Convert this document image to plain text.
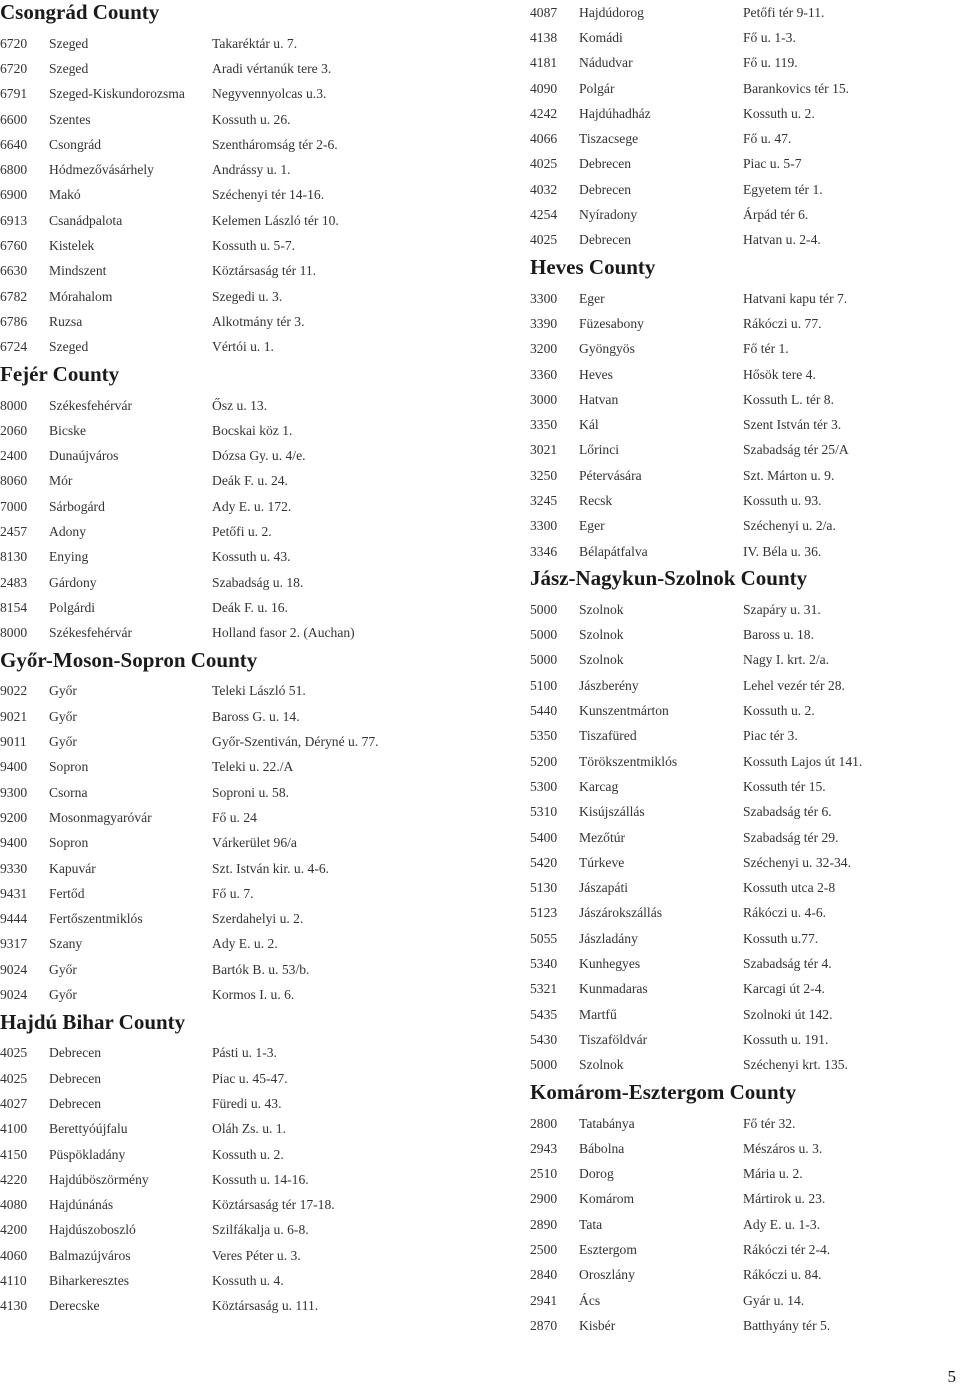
Csongrád County
6720	Szeged	Takaréktár u. 7.
6720	Szeged	Aradi vértanúk tere 3.
6791	Szeged-Kiskundorozsma	Negyvennyolcas u.3.
6600	Szentes	Kossuth u. 26.
6640	Csongrád	Szentháromság tér 2-6.
6800	Hódmezővásárhely	Andrássy u. 1.
6900	Makó	Széchenyi tér 14-16.
6913	Csanádpalota	Kelemen László tér 10.
6760	Kistelek	Kossuth u. 5-7.
6630	Mindszent	Köztársaság tér 11.
6782	Mórahalom	Szegedi u. 3.
6786	Ruzsa	Alkotmány tér 3.
6724	Szeged	Vértói u. 1.
Fejér County
8000	Székesfehérvár	Ősz u. 13.
2060	Bicske	Bocskai köz 1.
2400	Dunaújváros	Dózsa Gy. u. 4/e.
8060	Mór	Deák F. u. 24.
7000	Sárbogárd	Ady E. u. 172.
2457	Adony	Petőfi u. 2.
8130	Enying	Kossuth u. 43.
2483	Gárdony	Szabadság u. 18.
8154	Polgárdi	Deák F. u. 16.
8000	Székesfehérvár	Holland fasor 2. (Auchan)
Győr-Moson-Sopron County
9022	Győr	Teleki László 51.
9021	Győr	Baross G. u. 14.
9011	Győr	Győr-Szentiván, Déryné u. 77.
9400	Sopron	Teleki u. 22./A
9300	Csorna	Soproni u. 58.
9200	Mosonmagyaróvár	Fő u. 24
9400	Sopron	Várkerület 96/a
9330	Kapuvár	Szt. István kir. u. 4-6.
9431	Fertőd	Fő u. 7.
9444	Fertőszentmiklós	Szerdahelyi u. 2.
9317	Szany	Ady E. u. 2.
9024	Győr	Bartók B. u. 53/b.
9024	Győr	Kormos I. u. 6.
Hajdú Bihar County
4025	Debrecen	Pásti u. 1-3.
4025	Debrecen	Piac u. 45-47.
4027	Debrecen	Füredi u. 43.
4100	Berettyóújfalu	Oláh Zs. u. 1.
4150	Püspökladány	Kossuth u. 2.
4220	Hajdúböszörmény	Kossuth u. 14-16.
4080	Hajdúnánás	Köztársaság tér 17-18.
4200	Hajdúszoboszló	Szilfákalja u. 6-8.
4060	Balmazújváros	Veres Péter u. 3.
4110	Biharkeresztes	Kossuth u. 4.
4130	Derecske	Köztársaság u. 111.
4087	Hajdúdorog	Petőfi tér 9-11.
4138	Komádi	Fő u. 1-3.
4181	Nádudvar	Fő u. 119.
4090	Polgár	Barankovics tér 15.
4242	Hajdúhadház	Kossuth u. 2.
4066	Tiszacsege	Fő u. 47.
4025	Debrecen	Piac u. 5-7
4032	Debrecen	Egyetem tér 1.
4254	Nyíradony	Árpád tér 6.
4025	Debrecen	Hatvan u. 2-4.
Heves County
3300	Eger	Hatvani kapu tér 7.
3390	Füzesabony	Rákóczi u. 77.
3200	Gyöngyös	Fő tér 1.
3360	Heves	Hősök tere 4.
3000	Hatvan	Kossuth L. tér 8.
3350	Kál	Szent István tér 3.
3021	Lőrinci	Szabadság tér 25/A
3250	Pétervására	Szt. Márton u. 9.
3245	Recsk	Kossuth u. 93.
3300	Eger	Széchenyi u. 2/a.
3346	Bélapátfalva	IV. Béla u. 36.
Jász-Nagykun-Szolnok County
5000	Szolnok	Szapáry u. 31.
5000	Szolnok	Baross u. 18.
5000	Szolnok	Nagy I. krt. 2/a.
5100	Jászberény	Lehel vezér tér 28.
5440	Kunszentmárton	Kossuth u. 2.
5350	Tiszafüred	Piac tér 3.
5200	Törökszentmiklós	Kossuth Lajos út 141.
5300	Karcag	Kossuth tér 15.
5310	Kisújszállás	Szabadság tér 6.
5400	Mezőtúr	Szabadság tér 29.
5420	Túrkeve	Széchenyi u. 32-34.
5130	Jászapáti	Kossuth utca 2-8
5123	Jászárokszállás	Rákóczi u. 4-6.
5055	Jászladány	Kossuth u.77.
5340	Kunhegyes	Szabadság tér 4.
5321	Kunmadaras	Karcagi út 2-4.
5435	Martfű	Szolnoki út 142.
5430	Tiszaföldvár	Kossuth u. 191.
5000	Szolnok	Széchenyi krt. 135.
Komárom-Esztergom County
2800	Tatabánya	Fő tér 32.
2943	Bábolna	Mészáros u. 3.
2510	Dorog	Mária u. 2.
2900	Komárom	Mártirok u. 23.
2890	Tata	Ady E. u. 1-3.
2500	Esztergom	Rákóczi tér 2-4.
2840	Oroszlány	Rákóczi u. 84.
2941	Ács	Gyár u. 14.
2870	Kisbér	Batthyány tér 5.
5
